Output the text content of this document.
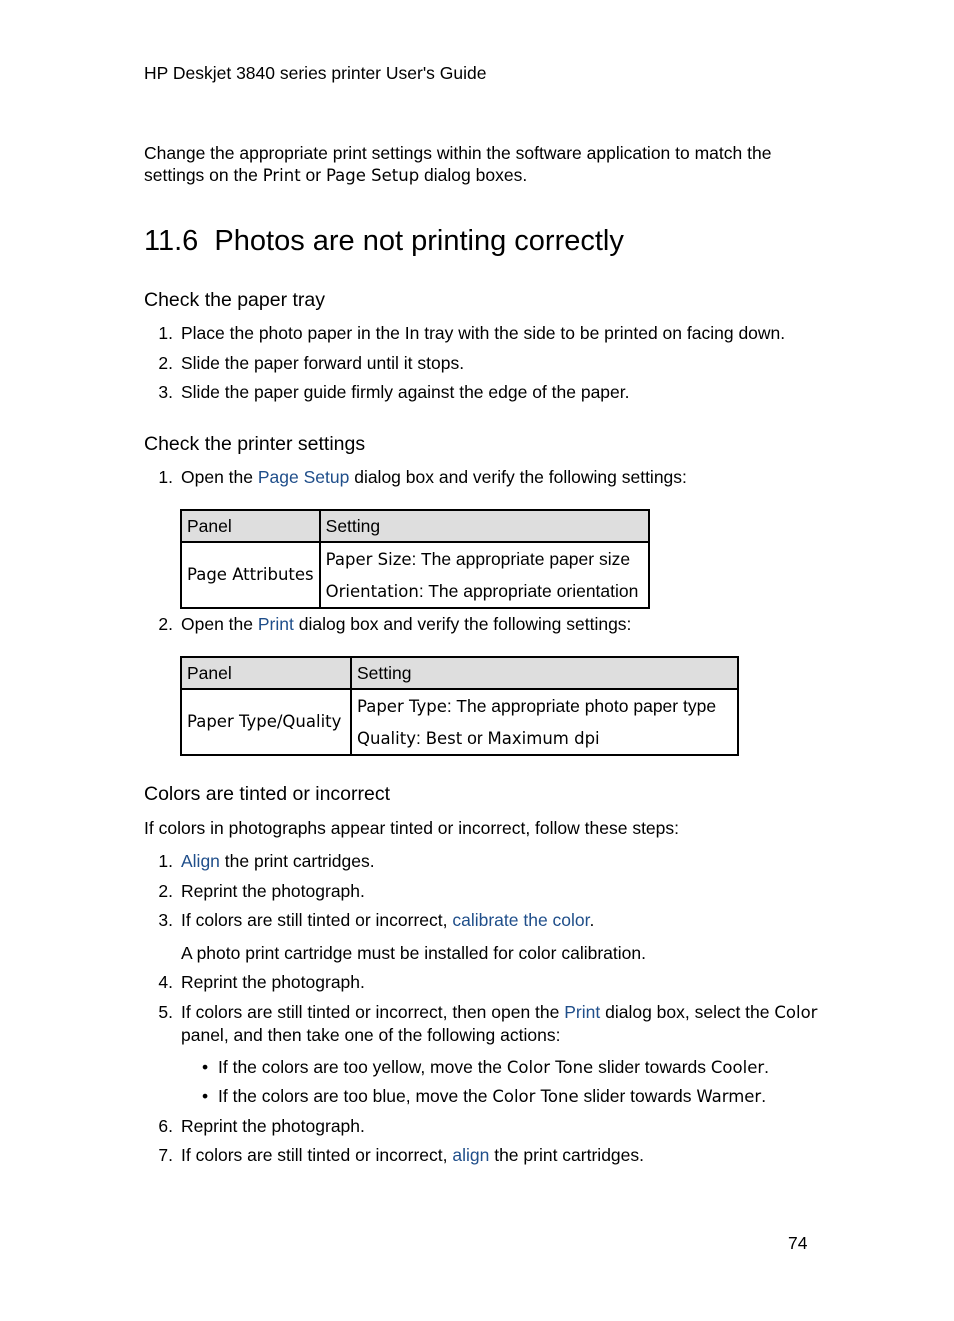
HP Deskjet 3840 series printer User's Guide
Change the appropriate print settings within the software application to match the settings on the Print or Page Setup dialog boxes.
11.6 Photos are not printing correctly
Check the paper tray
1. Place the photo paper in the In tray with the side to be printed on facing down.
2. Slide the paper forward until it stops.
3. Slide the paper guide firmly against the edge of the paper.
Check the printer settings
1. Open the Page Setup dialog box and verify the following settings:
Panel	Setting
Page Attributes	Paper Size: The appropriate paper size
Orientation: The appropriate orientation
2. Open the Print dialog box and verify the following settings:
Panel	Setting
Paper Type/Quality	Paper Type: The appropriate photo paper type
Quality: Best or Maximum dpi
Colors are tinted or incorrect
If colors in photographs appear tinted or incorrect, follow these steps:
1. Align the print cartridges.
2. Reprint the photograph.
3. If colors are still tinted or incorrect, calibrate the color.
A photo print cartridge must be installed for color calibration.
4. Reprint the photograph.
5. If colors are still tinted or incorrect, then open the Print dialog box, select the Color panel, and then take one of the following actions:
• If the colors are too yellow, move the Color Tone slider towards Cooler.
• If the colors are too blue, move the Color Tone slider towards Warmer.
6. Reprint the photograph.
7. If colors are still tinted or incorrect, align the print cartridges.
74
